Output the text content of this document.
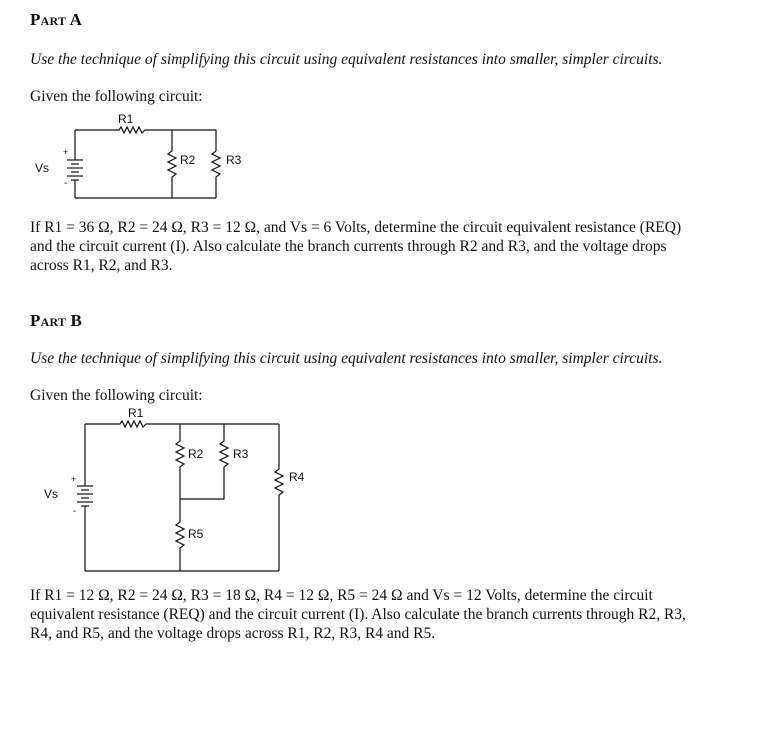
Part A
Use the technique of simplifying this circuit using equivalent resistances into smaller, simpler circuits.
Given the following circuit:
R1
R2	R3
Vs
+
-
If R1 = 36 Ω, R2 = 24 Ω, R3 = 12 Ω, and Vs = 6 Volts, determine the circuit equivalent resistance (REQ)
and the circuit current (I). Also calculate the branch currents through R2 and R3, and the voltage drops
across R1, R2, and R3.
Part B
Use the technique of simplifying this circuit using equivalent resistances into smaller, simpler circuits.
Given the following circuit:
R1
R2 R3
R4
R5
Vs
+
-
If R1 = 12 Ω, R2 = 24 Ω, R3 = 18 Ω, R4 = 12 Ω, R5 = 24 Ω and Vs = 12 Volts, determine the circuit
equivalent resistance (REQ) and the circuit current (I). Also calculate the branch currents through R2, R3,
R4, and R5, and the voltage drops across R1, R2, R3, R4 and R5.
